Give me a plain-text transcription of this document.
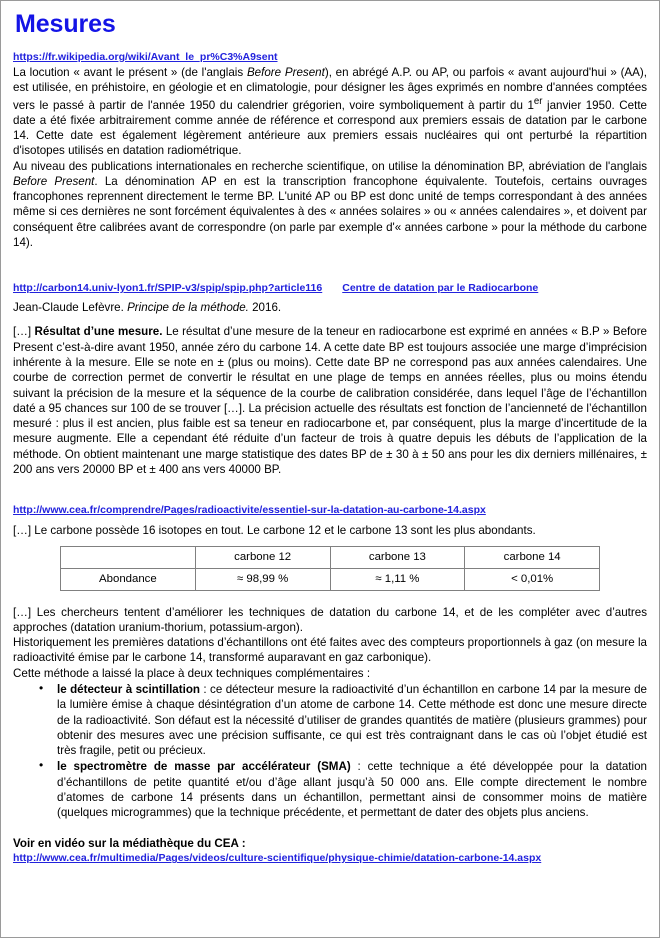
Mesures
https://fr.wikipedia.org/wiki/Avant_le_pr%C3%A9sent

La locution « avant le présent » (de l'anglais Before Present), en abrégé A.P. ou AP, ou parfois « avant aujourd'hui » (AA), est utilisée, en préhistoire, en géologie et en climatologie, pour désigner les âges exprimés en nombre d'années comptées vers le passé à partir de l'année 1950 du calendrier grégorien, voire symboliquement à partir du 1er janvier 1950. Cette date a été fixée arbitrairement comme année de référence et correspond aux premiers essais de datation par le carbone 14. Cette date est également légèrement antérieure aux premiers essais nucléaires qui ont perturbé la répartition d'isotopes utilisés en datation radiométrique.

Au niveau des publications internationales en recherche scientifique, on utilise la dénomination BP, abréviation de l'anglais Before Present. La dénomination AP en est la transcription francophone équivalente. Toutefois, certains ouvrages francophones reprennent directement le terme BP. L'unité AP ou BP est donc unité de temps correspondant à des années même si ces dernières ne sont forcément équivalentes à des « années solaires » ou « années calendaires », et doivent par conséquent être calibrées avant de correspondre (on parle par exemple d'« années carbone » pour la méthode du carbone 14).

http://carbon14.univ-lyon1.fr/SPIP-v3/spip/spip.php?article116 Centre de datation par le Radiocarbone

Jean-Claude Lefèvre. Principe de la méthode. 2016.

[…] Résultat d’une mesure. Le résultat d’une mesure de la teneur en radiocarbone est exprimé en années « B.P » Before Present c’est-à-dire avant 1950, année zéro du carbone 14. A cette date BP est toujours associée une marge d’imprécision inhérente à la mesure. Elle se note en ± (plus ou moins). Cette date BP ne correspond pas aux années calendaires. Une courbe de correction permet de convertir le résultat en une plage de temps en années réelles, plus ou moins étendu suivant la précision de la mesure et la séquence de la courbe de calibration considérée, dans lequel l’âge de l’échantillon daté a 95 chances sur 100 de se trouver […]. La précision actuelle des résultats est fonction de l’ancienneté de l’échantillon mesuré : plus il est ancien, plus faible est sa teneur en radiocarbone et, par conséquent, plus la marge d’incertitude de la mesure augmente. Elle a cependant été réduite d’un facteur de trois à quatre depuis les débuts de l’application de la méthode. On obtient maintenant une marge statistique des dates BP de ± 30 à ± 50 ans pour les dix derniers millénaires, ± 200 ans vers 20000 BP et ± 400 ans vers 40000 BP.

http://www.cea.fr/comprendre/Pages/radioactivite/essentiel-sur-la-datation-au-carbone-14.aspx

[…] Le carbone possède 16 isotopes en tout. Le carbone 12 et le carbone 13 sont les plus abondants.

	carbone 12	carbone 13	carbone 14
Abondance	≈ 98,99 %	≈ 1,11 %	< 0,01%

[…] Les chercheurs tentent d’améliorer les techniques de datation du carbone 14, et de les compléter avec d’autres approches (datation uranium-thorium, potassium-argon).

Historiquement les premières datations d’échantillons ont été faites avec des compteurs proportionnels à gaz (on mesure la radioactivité émise par le carbone 14, transformé auparavant en gaz carbonique).

Cette méthode a laissé la place à deux techniques complémentaires :

• le détecteur à scintillation : ce détecteur mesure la radioactivité d’un échantillon en carbone 14 par la mesure de la lumière émise à chaque désintégration d’un atome de carbone 14. Cette méthode est donc une mesure directe de la radioactivité. Son défaut est la nécessité d’utiliser de grandes quantités de matière (plusieurs grammes) pour obtenir des mesures avec une précision suffisante, ce qui est très contraignant dans le cas où l’objet étudié est très fragile, petit ou précieux.
• le spectromètre de masse par accélérateur (SMA) : cette technique a été développée pour la datation d’échantillons de petite quantité et/ou d’âge allant jusqu’à 50 000 ans. Elle compte directement le nombre d’atomes de carbone 14 présents dans un échantillon, permettant ainsi de consommer moins de matière (quelques microgrammes) que la technique précédente, et permettant de dater des objets plus anciens.

Voir en vidéo sur la médiathèque du CEA :

http://www.cea.fr/multimedia/Pages/videos/culture-scientifique/physique-chimie/datation-carbone-14.aspx
